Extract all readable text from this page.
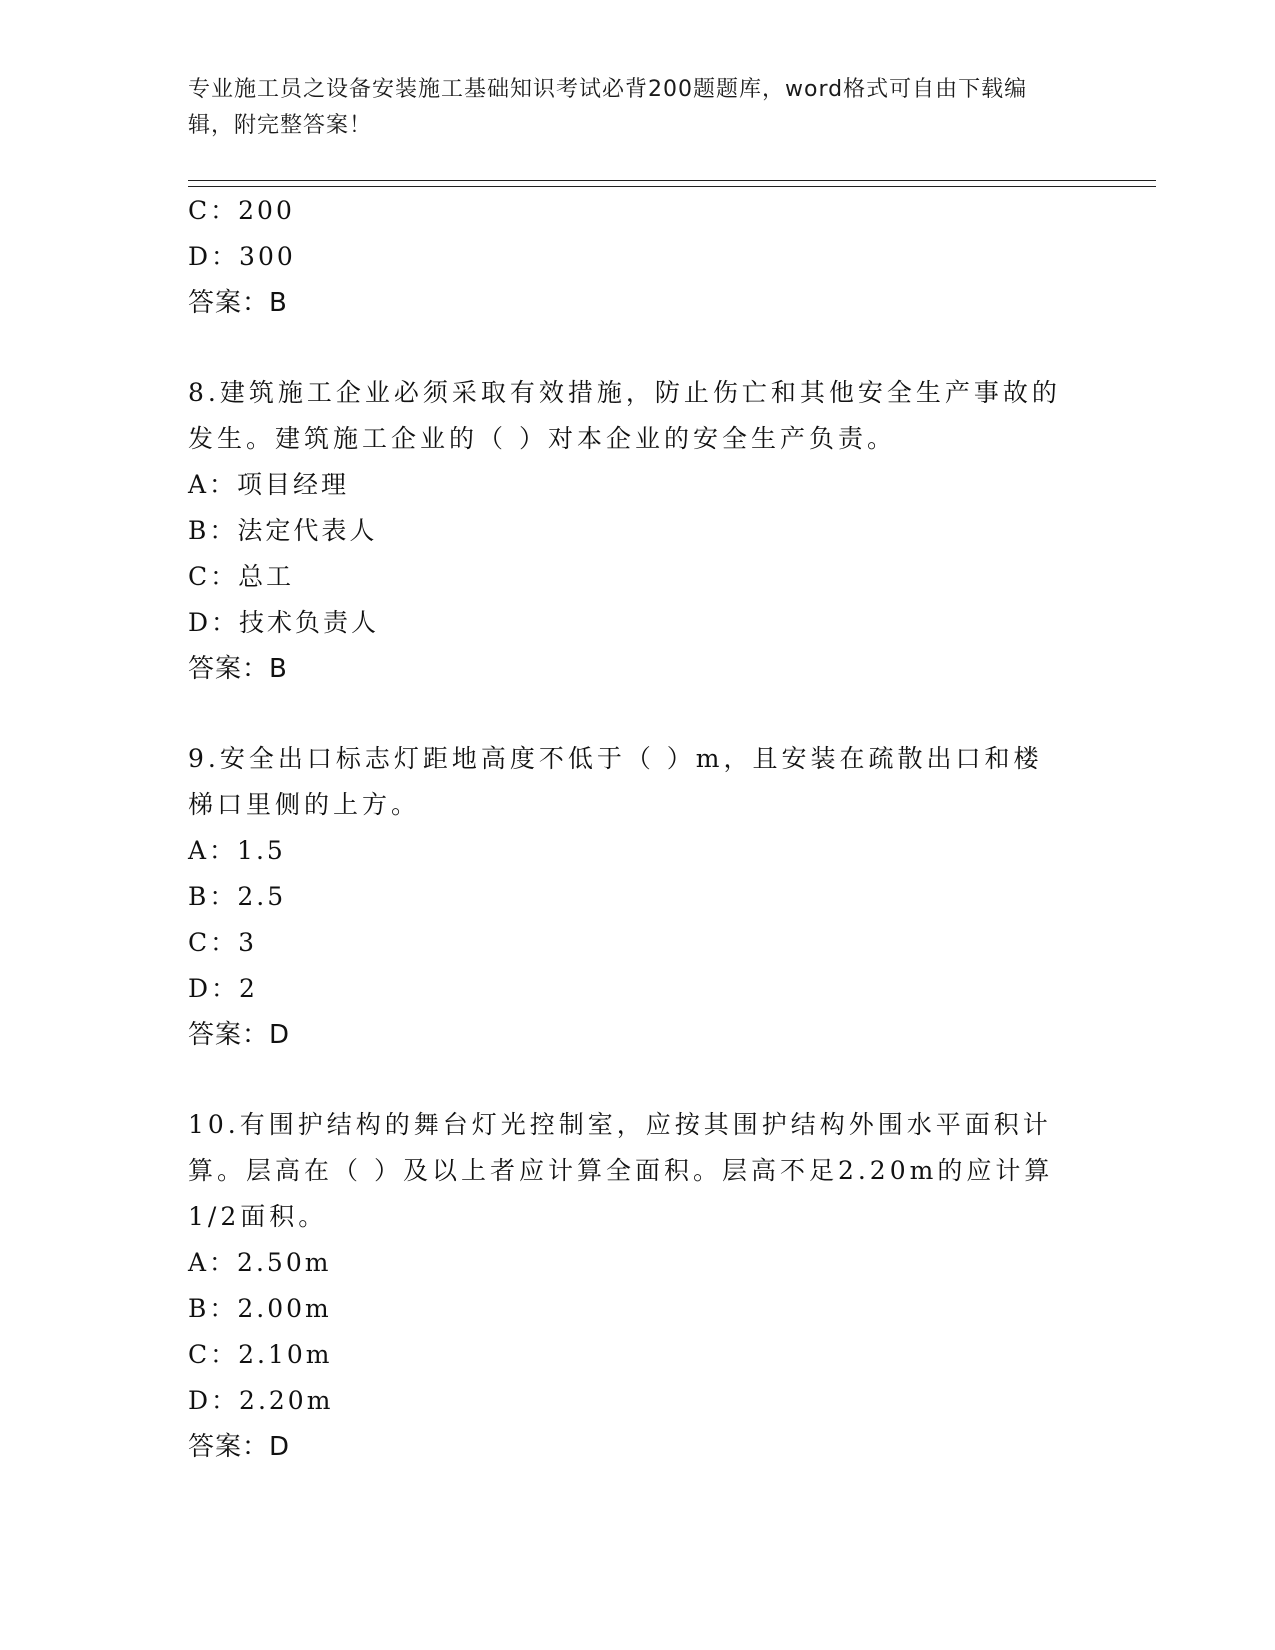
专业施工员之设备安装施工基础知识考试必背200题题库，word格式可自由下载编辑，附完整答案！
C：200
D：300
答案：B
8.建筑施工企业必须采取有效措施，防止伤亡和其他安全生产事故的发生。建筑施工企业的（ ）对本企业的安全生产负责。
A：项目经理
B：法定代表人
C：总工
D：技术负责人
答案：B
9.安全出口标志灯距地高度不低于（ ）m，且安装在疏散出口和楼梯口里侧的上方。
A：1.5
B：2.5
C：3
D：2
答案：D
10.有围护结构的舞台灯光控制室，应按其围护结构外围水平面积计算。层高在（ ）及以上者应计算全面积。层高不足2.20m的应计算1/2面积。
A：2.50m
B：2.00m
C：2.10m
D：2.20m
答案：D
